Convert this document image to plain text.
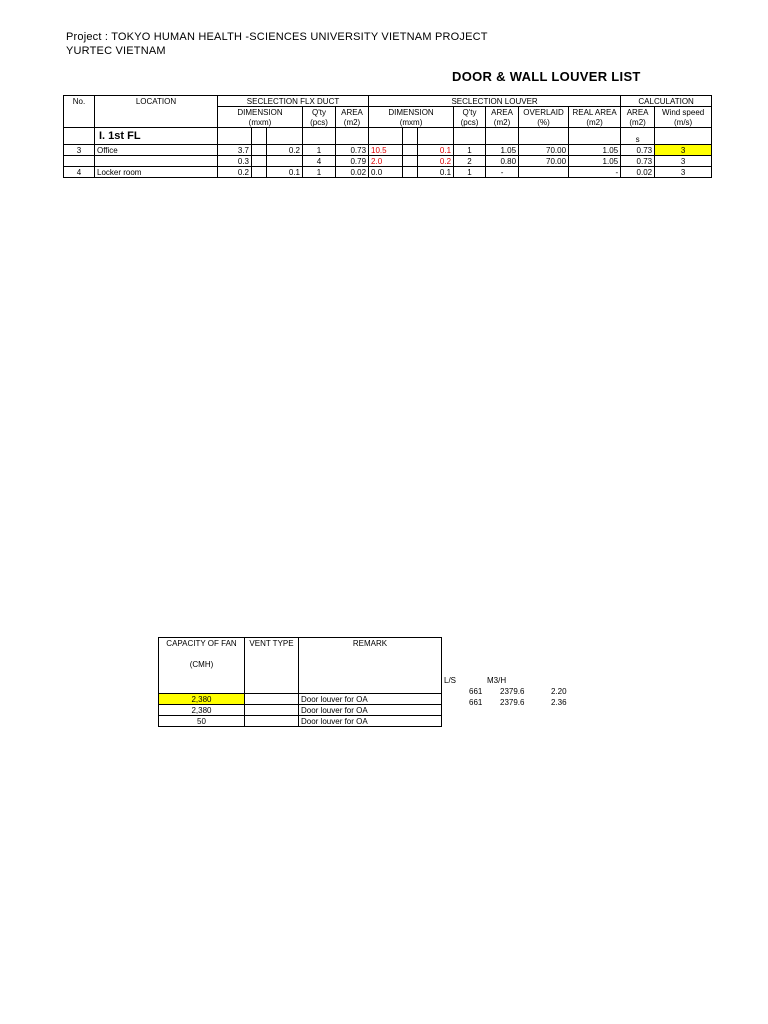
Project : TOKYO HUMAN HEALTH -SCIENCES UNIVERSITY VIETNAM PROJECT
YURTEC VIETNAM
DOOR & WALL LOUVER LIST
No.	LOCATION	SECLECTION FLX DUCT					SECLECTION LOUVER							CALCULATION	
		DIMENSION			Q'ty	AREA	DIMENSION			Q'ty	AREA	OVERLAID	REAL AREA	AREA	Wind speed
		(mxm)			(pcs)	(m2)	(mxm)			(pcs)	(m2)	(%)	(m2)	(m2)	(m/s)
	I. 1st FL													s	
3	Office	3.7		0.2	1	0.73	10.5		0.1	1	1.05	70.00	1.05	0.73	3
		0.3			4	0.79	2.0		0.2	2	0.80	70.00	1.05	0.73	3
4	Locker room	0.2		0.1	1	0.02	0.0		0.1	1	-		-	0.02	3
CAPACITY OF FAN	VENT TYPE	REMARK
(CMH)		
2,380		Door louver for OA
2,380		Door louver for OA
50		Door louver for OA
L/S	M3/H
661 2379.6	2.20
661 2379.6	2.36
